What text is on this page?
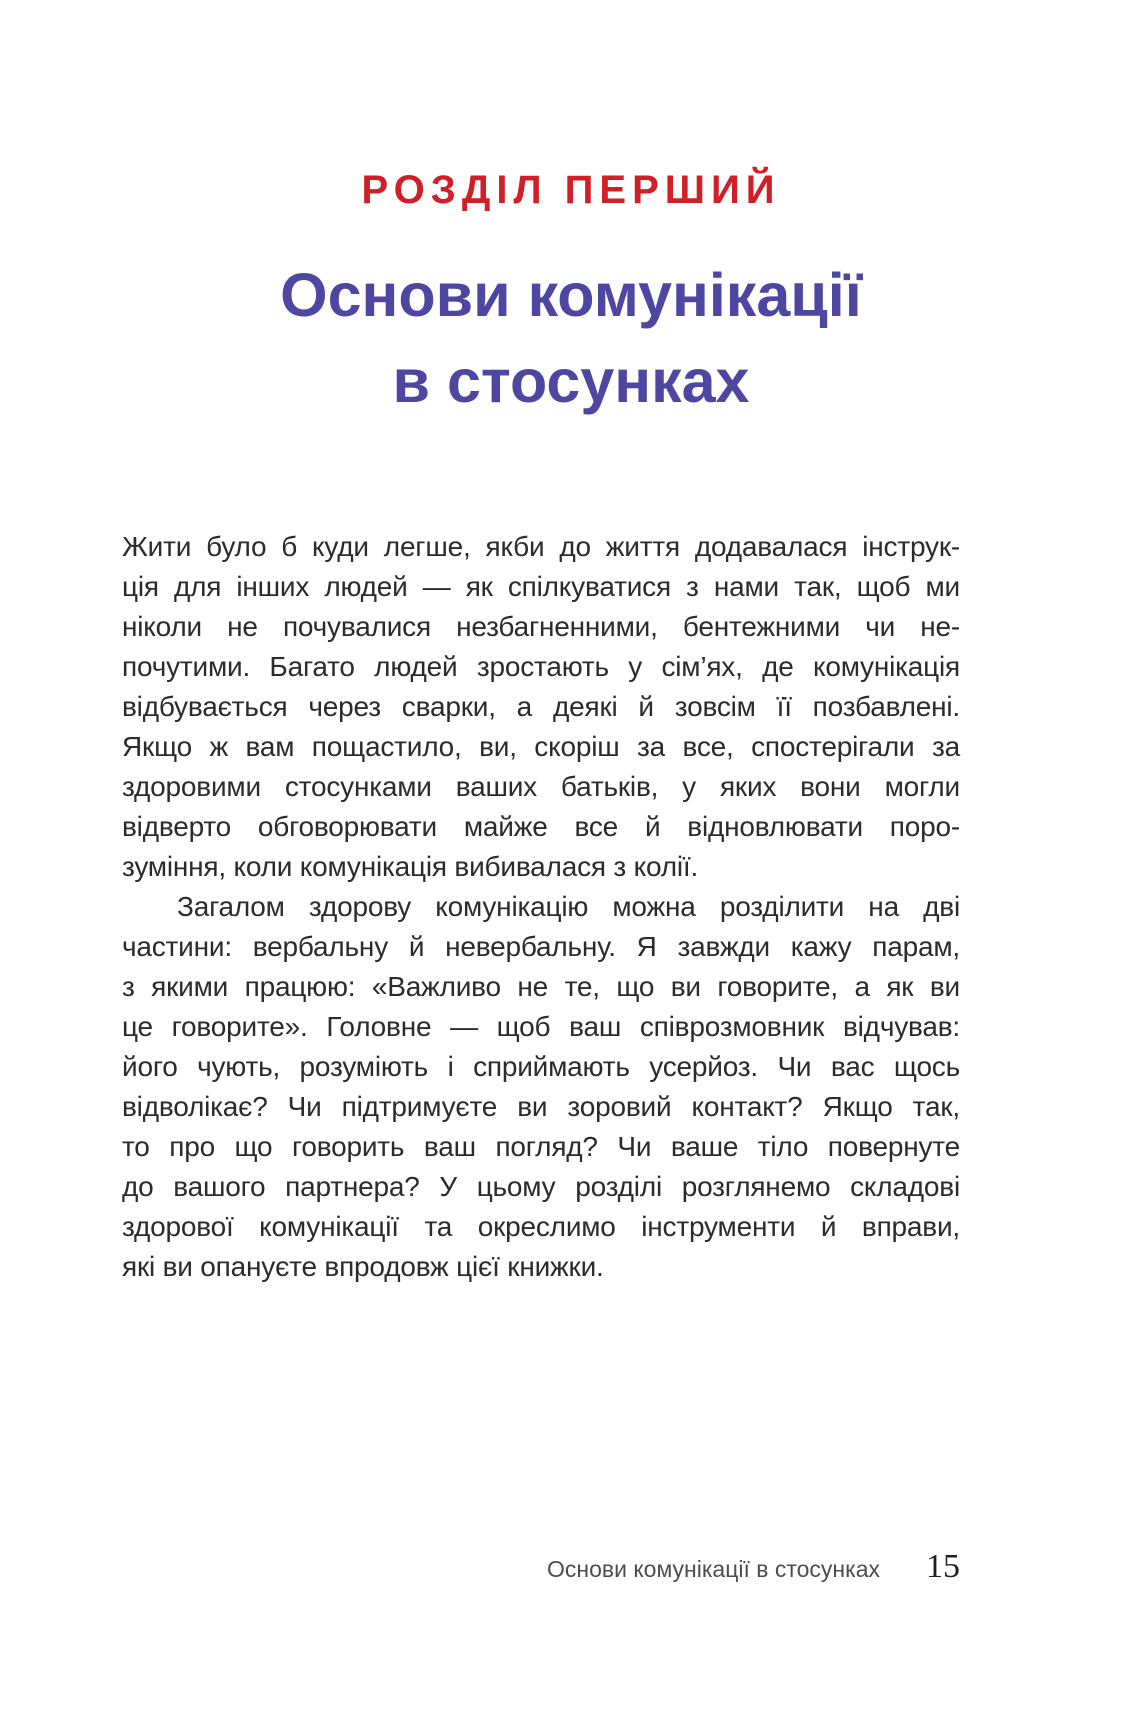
РОЗДІЛ ПЕРШИЙ
Основи комунікації
в стосунках
Жити було б куди легше, якби до життя додавалася інструк-
ція для інших людей — як спілкуватися з нами так, щоб ми
ніколи не почувалися незбагненними, бентежними чи не-
почутими. Багато людей зростають у сім’ях, де комунікація
відбувається через сварки, а деякі й зовсім її позбавлені.
Якщо ж вам пощастило, ви, скоріш за все, спостерігали за
здоровими стосунками ваших батьків, у яких вони могли
відверто обговорювати майже все й відновлювати поро-
зуміння, коли комунікація вибивалася з колії.
Загалом здорову комунікацію можна розділити на дві
частини: вербальну й невербальну. Я завжди кажу парам,
з якими працюю: «Важливо не те, що ви говорите, а як ви
це говорите». Головне — щоб ваш співрозмовник відчував:
його чують, розуміють і сприймають усерйоз. Чи вас щось
відволікає? Чи підтримуєте ви зоровий контакт? Якщо так,
то про що говорить ваш погляд? Чи ваше тіло повернуте
до вашого партнера? У цьому розділі розглянемо складові
здорової комунікації та окреслимо інструменти й вправи,
які ви опануєте впродовж цієї книжки.
Основи комунікації в стосунках 15
